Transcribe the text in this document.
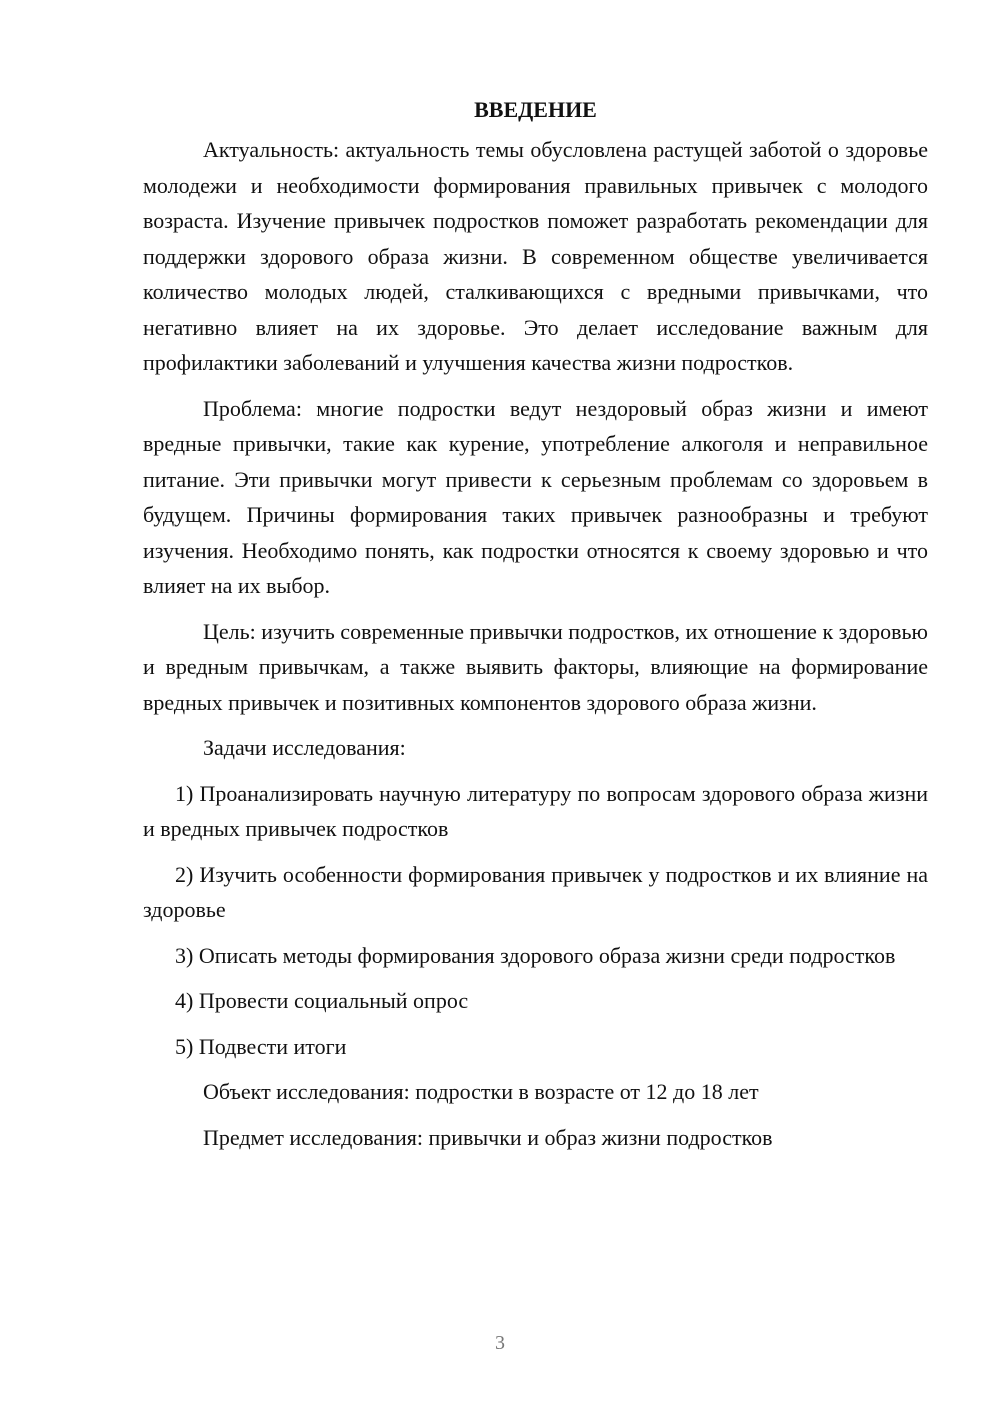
ВВЕДЕНИЕ

Актуальность: актуальность темы обусловлена растущей заботой о здоровье молодежи и необходимости формирования правильных привычек с молодого возраста. Изучение привычек подростков поможет разработать рекомендации для поддержки здорового образа жизни. В современном обществе увеличивается количество молодых людей, сталкивающихся с вредными привычками, что негативно влияет на их здоровье. Это делает исследование важным для профилактики заболеваний и улучшения качества жизни подростков.

Проблема: многие подростки ведут нездоровый образ жизни и имеют вредные привычки, такие как курение, употребление алкоголя и неправильное питание. Эти привычки могут привести к серьезным проблемам со здоровьем в будущем. Причины формирования таких привычек разнообразны и требуют изучения. Необходимо понять, как подростки относятся к своему здоровью и что влияет на их выбор.

Цель: изучить современные привычки подростков, их отношение к здоровью и вредным привычкам, а также выявить факторы, влияющие на формирование вредных привычек и позитивных компонентов здорового образа жизни.

Задачи исследования:

1) Проанализировать научную литературу по вопросам здорового образа жизни и вредных привычек подростков

2) Изучить особенности формирования привычек у подростков и их влияние на здоровье

3) Описать методы формирования здорового образа жизни среди подростков

4) Провести социальный опрос

5) Подвести итоги

Объект исследования: подростки в возрасте от 12 до 18 лет

Предмет исследования: привычки и образ жизни подростков

3
